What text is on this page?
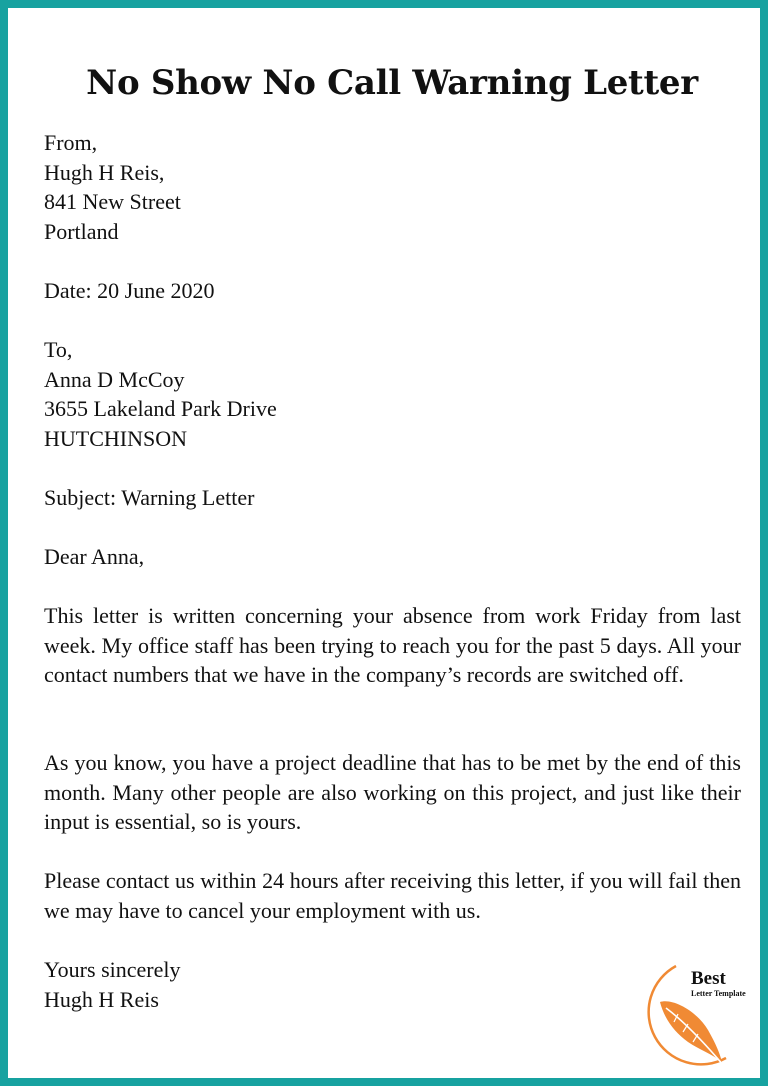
No Show No Call Warning Letter

From,

Hugh H Reis,

841 New Street

Portland

Date: 20 June 2020

To,

Anna D McCoy

3655 Lakeland Park Drive

HUTCHINSON

Subject: Warning Letter

Dear Anna,

This letter is written concerning your absence from work Friday from last week. My office staff has been trying to reach you for the past 5 days. All your contact numbers that we have in the company’s records are switched off.

As you know, you have a project deadline that has to be met by the end of this month. Many other people are also working on this project, and just like their input is essential, so is yours.

Please contact us within 24 hours after receiving this letter, if you will fail then we may have to cancel your employment with us.

Yours sincerely

Hugh H Reis

Best
Letter Template
